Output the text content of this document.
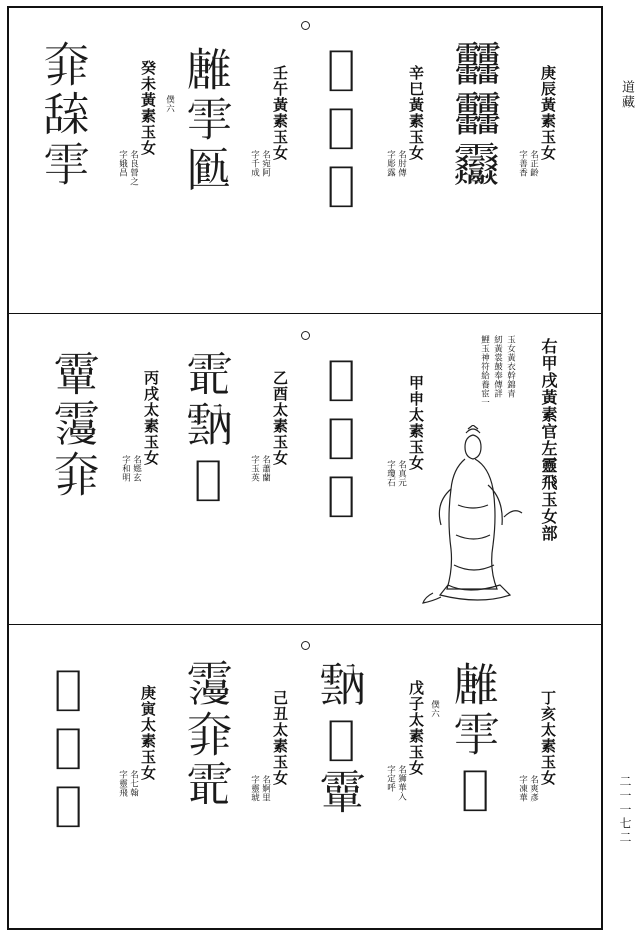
道藏
二一一七二
庚辰黃素玉女
名正齡
字善香
䨻䨻𩇒
辛巳黃素玉女
名肘傳
字彫露
𥪖𩁹𩁹
壬午黃素玉女
名宛阿
字千成
𩀛𩁹㔲
僕六
癸未黃素玉女
名良營之
字娥昌
𩇩𦧢𩁹
右甲戌黃素官左靈飛玉女部
玉女黃衣幹錦青
紉黃裳皷奉傳詳
鯉玉神符給養宦一
甲申太素玉女
名真元
字瓊石
𥪖𩁹𩂀
乙酉太素玉女
名蕭蘭
字玉英
𩂻𩃠𩄲
丙戌太素玉女
名嫕玄
字和明
𩅦𩆓𩇩
丁亥太素玉女
名爽彥
字凍華
𩀛𩁹𩂀
僕六
戊子太素玉女
名狮華入
字定呼
𩃠𩄲𩅦
己丑太素玉女
名婀里
字靈琥
𩆓𩇩𩂻
庚寅太素玉女
名七翰
字靈飛
𥪖𩁹𩃠
